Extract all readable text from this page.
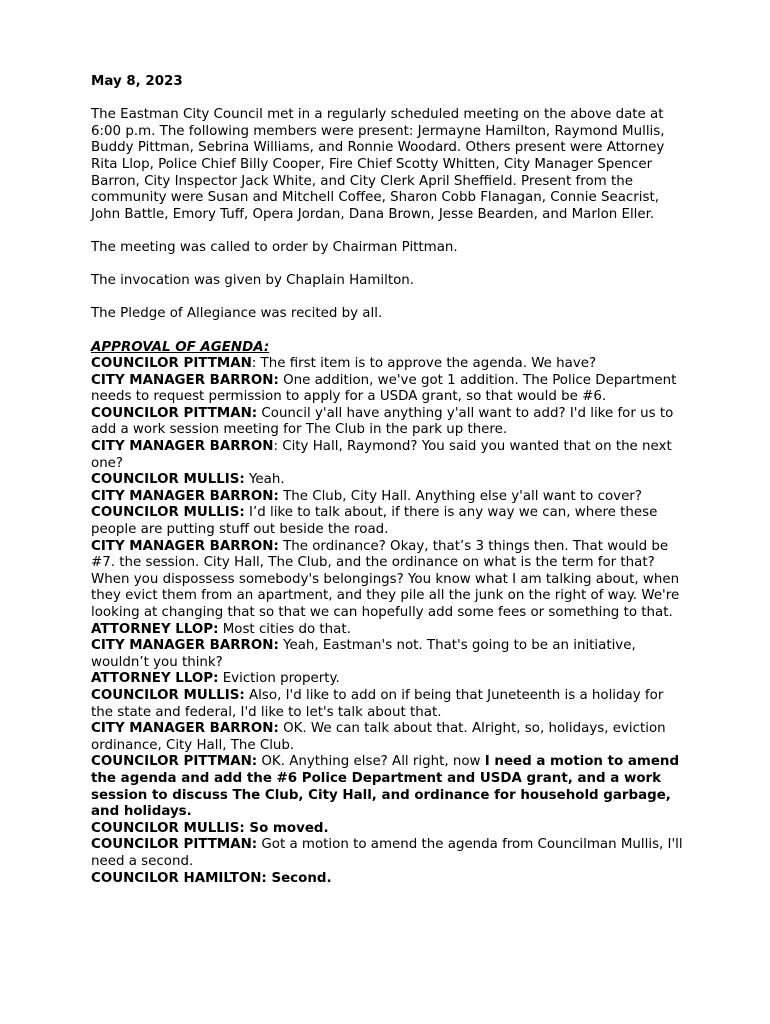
May 8, 2023

The Eastman City Council met in a regularly scheduled meeting on the above date at 6:00 p.m. The following members were present: Jermayne Hamilton, Raymond Mullis, Buddy Pittman, Sebrina Williams, and Ronnie Woodard. Others present were Attorney Rita Llop, Police Chief Billy Cooper, Fire Chief Scotty Whitten, City Manager Spencer Barron, City Inspector Jack White, and City Clerk April Sheffield. Present from the community were Susan and Mitchell Coffee, Sharon Cobb Flanagan, Connie Seacrist, John Battle, Emory Tuff, Opera Jordan, Dana Brown, Jesse Bearden, and Marlon Eller.

The meeting was called to order by Chairman Pittman.

The invocation was given by Chaplain Hamilton.

The Pledge of Allegiance was recited by all.

APPROVAL OF AGENDA:

COUNCILOR PITTMAN: The first item is to approve the agenda. We have?

CITY MANAGER BARRON: One addition, we've got 1 addition. The Police Department needs to request permission to apply for a USDA grant, so that would be #6.

COUNCILOR PITTMAN: Council y'all have anything y'all want to add? I'd like for us to add a work session meeting for The Club in the park up there.

CITY MANAGER BARRON: City Hall, Raymond? You said you wanted that on the next one?

COUNCILOR MULLIS: Yeah.

CITY MANAGER BARRON: The Club, City Hall. Anything else y'all want to cover?

COUNCILOR MULLIS: I’d like to talk about, if there is any way we can, where these people are putting stuff out beside the road.

CITY MANAGER BARRON: The ordinance? Okay, that’s 3 things then. That would be #7. the session. City Hall, The Club, and the ordinance on what is the term for that? When you dispossess somebody's belongings? You know what I am talking about, when they evict them from an apartment, and they pile all the junk on the right of way. We're looking at changing that so that we can hopefully add some fees or something to that.

ATTORNEY LLOP: Most cities do that.

CITY MANAGER BARRON: Yeah, Eastman's not. That's going to be an initiative, wouldn’t you think?

ATTORNEY LLOP: Eviction property.

COUNCILOR MULLIS: Also, I'd like to add on if being that Juneteenth is a holiday for the state and federal, I'd like to let's talk about that.

CITY MANAGER BARRON: OK. We can talk about that. Alright, so, holidays, eviction ordinance, City Hall, The Club.

COUNCILOR PITTMAN: OK. Anything else? All right, now I need a motion to amend the agenda and add the #6 Police Department and USDA grant, and a work session to discuss The Club, City Hall, and ordinance for household garbage, and holidays.

COUNCILOR MULLIS: So moved.

COUNCILOR PITTMAN: Got a motion to amend the agenda from Councilman Mullis, I'll need a second.

COUNCILOR HAMILTON: Second.
